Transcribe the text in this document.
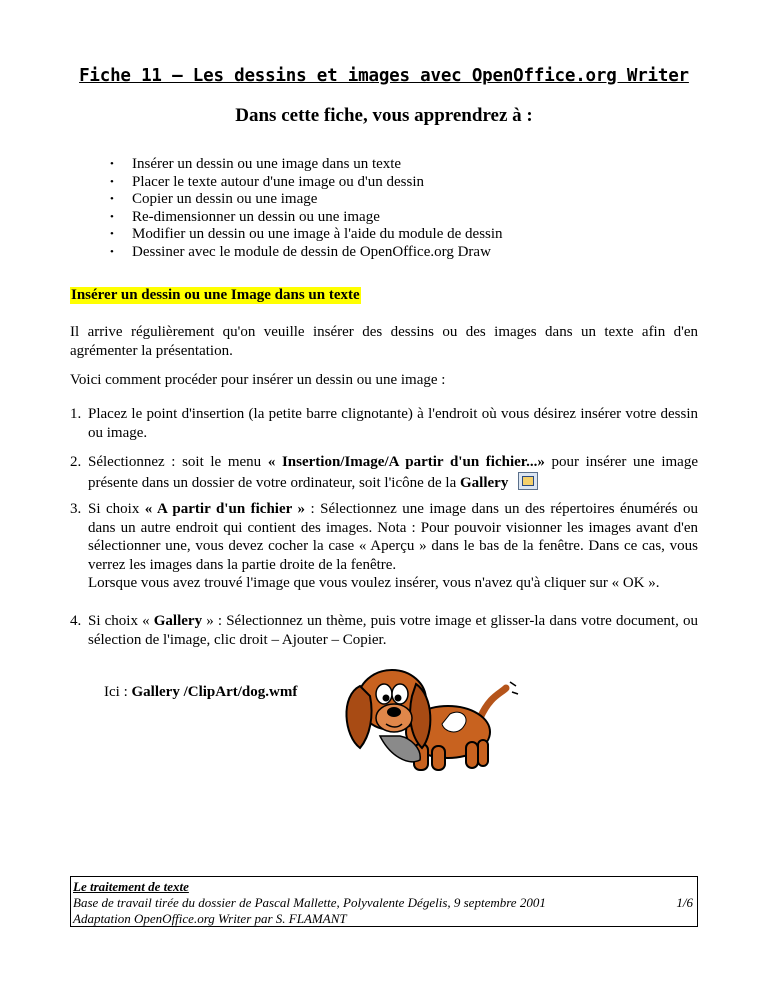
Fiche 11 – Les dessins et images avec OpenOffice.org Writer
Dans cette fiche, vous apprendrez à :
• Insérer un dessin ou une image dans un texte
• Placer le texte autour d'une image ou d'un dessin
• Copier un dessin ou une image
• Re-dimensionner un dessin ou une image
• Modifier un dessin ou une image à l'aide du module de dessin
• Dessiner avec le module de dessin de OpenOffice.org Draw
Insérer un dessin ou une Image dans un texte
Il arrive régulièrement qu'on veuille insérer des dessins ou des images dans un texte afin d'en agrémenter la présentation.
Voici comment procéder pour insérer un dessin ou une image :
1. Placez le point d'insertion (la petite barre clignotante) à l'endroit où vous désirez insérer votre dessin ou image.
2. Sélectionnez : soit le menu « Insertion/Image/A partir d'un fichier...» pour insérer une image présente dans un dossier de votre ordinateur, soit l'icône de la Gallery
3. Si choix « A partir d'un fichier » : Sélectionnez une image dans un des répertoires énumérés ou dans un autre endroit qui contient des images. Nota : Pour pouvoir visionner les images avant d'en sélectionner une, vous devez cocher la case « Aperçu » dans le bas de la fenêtre. Dans ce cas, vous verrez les images dans la partie droite de la fenêtre.
Lorsque vous avez trouvé l'image que vous voulez insérer, vous n'avez qu'à cliquer sur « OK ».
4. Si choix « Gallery » : Sélectionnez un thème, puis votre image et glisser-la dans votre document, ou sélection de l'image, clic droit – Ajouter – Copier.
Ici : Gallery /ClipArt/dog.wmf
Le traitement de texte
Base de travail tirée du dossier de Pascal Mallette, Polyvalente Dégelis, 9 septembre 2001
Adaptation OpenOffice.org Writer par S. FLAMANT
1/6
